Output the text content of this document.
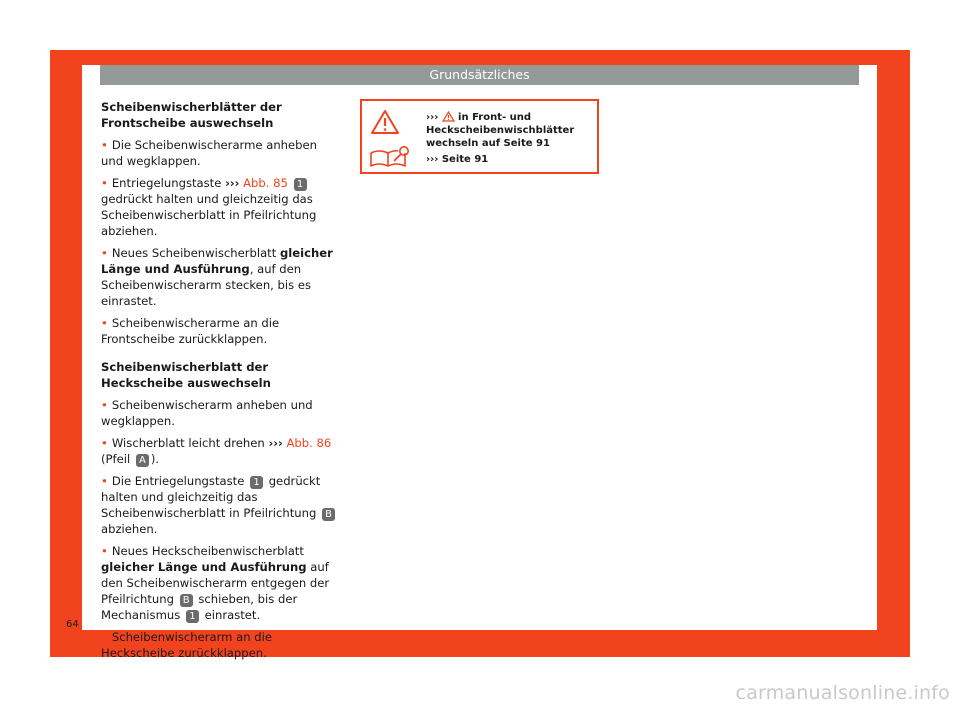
Grundsätzliches
Scheibenwischerblätter der Frontscheibe auswechseln

• Die Scheibenwischerarme anheben und wegklappen.

• Entriegelungstaste ››› Abb. 85 1 gedrückt halten und gleichzeitig das Scheibenwischerblatt in Pfeilrichtung abziehen.

• Neues Scheibenwischerblatt gleicher Länge und Ausführung, auf den Scheibenwischerarm stecken, bis es einrastet.

• Scheibenwischerarme an die Frontscheibe zurückklappen.

Scheibenwischerblatt der Heckscheibe auswechseln

• Scheibenwischerarm anheben und wegklappen.

• Wischerblatt leicht drehen ››› Abb. 86 (Pfeil A ).

• Die Entriegelungstaste 1 gedrückt halten und gleichzeitig das Scheibenwischerblatt in Pfeilrichtung B abziehen.

• Neues Heckscheibenwischerblatt gleicher Länge und Ausführung auf den Scheibenwischerarm entgegen der Pfeilrichtung B schieben, bis der Mechanismus 1 einrastet.

• Scheibenwischerarm an die Heckscheibe zurückklappen.

›››  in Front- und Heckscheibenwischblätter wechseln auf Seite 91
››› Seite 91
64
carmanualsonline.info
